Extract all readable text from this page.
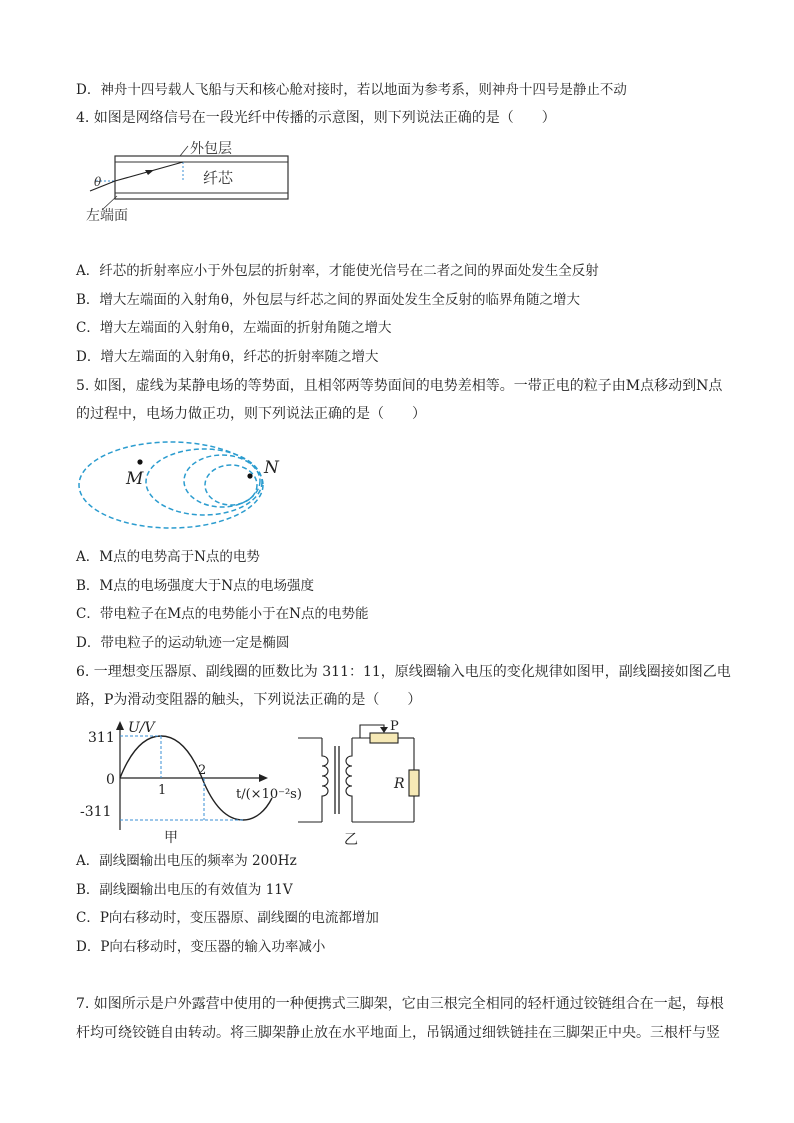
D．神舟十四号载人飞船与天和核心舱对接时，若以地面为参考系，则神舟十四号是静止不动
4. 如图是网络信号在一段光纤中传播的示意图，则下列说法正确的是（　　）
外包层
纤芯
θ
左端面
A．纤芯的折射率应小于外包层的折射率，才能使光信号在二者之间的界面处发生全反射
B．增大左端面的入射角θ，外包层与纤芯之间的界面处发生全反射的临界角随之增大
C．增大左端面的入射角θ，左端面的折射角随之增大
D．增大左端面的入射角θ，纤芯的折射率随之增大
5. 如图，虚线为某静电场的等势面，且相邻两等势面间的电势差相等。一带正电的粒子由M点移动到N点
的过程中，电场力做正功，则下列说法正确的是（　　）
M
N
A．M点的电势高于N点的电势
B．M点的电场强度大于N点的电场强度
C．带电粒子在M点的电势能小于在N点的电势能
D．带电粒子的运动轨迹一定是椭圆
6. 一理想变压器原、副线圈的匝数比为 311：11，原线圈输入电压的变化规律如图甲，副线圈接如图乙电
路，P为滑动变阻器的触头，下列说法正确的是（　　）
U/V
311
0
-311
1
2
t/(×10⁻²s)
甲
P
R
乙
A．副线圈输出电压的频率为 200Hz
B．副线圈输出电压的有效值为 11V
C．P向右移动时，变压器原、副线圈的电流都增加
D．P向右移动时，变压器的输入功率减小
7. 如图所示是户外露营中使用的一种便携式三脚架，它由三根完全相同的轻杆通过铰链组合在一起，每根
杆均可绕铰链自由转动。将三脚架静止放在水平地面上，吊锅通过细铁链挂在三脚架正中央。三根杆与竖
